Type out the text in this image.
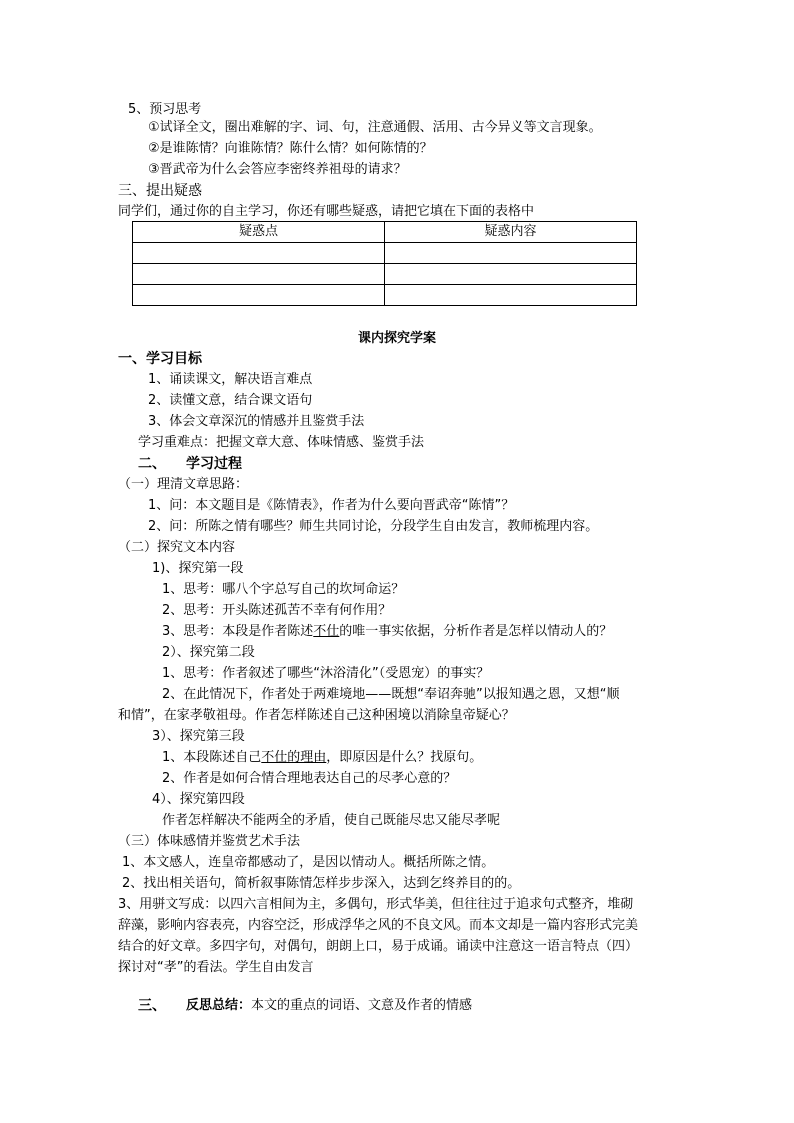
5、预习思考
①试译全文，圈出难解的字、词、句，注意通假、活用、古今异义等文言现象。
②是谁陈情？向谁陈情？陈什么情？如何陈情的？
③晋武帝为什么会答应李密终养祖母的请求？
三、提出疑惑
同学们，通过你的自主学习，你还有哪些疑惑，请把它填在下面的表格中
疑惑点	疑惑内容

课内探究学案
一、学习目标
1、诵读课文，解决语言难点
2、读懂文意，结合课文语句
3、体会文章深沉的情感并且鉴赏手法
学习重难点：把握文章大意、体味情感、鉴赏手法
二、 学习过程
（一）理清文章思路：
1、问：本文题目是《陈情表》，作者为什么要向晋武帝“陈情”？
2、问：所陈之情有哪些？师生共同讨论，分段学生自由发言，教师梳理内容。
（二）探究文本内容
1)、探究第一段
1、思考：哪八个字总写自己的坎坷命运？
2、思考：开头陈述孤苦不幸有何作用？
3、思考：本段是作者陈述不仕的唯一事实依据，分析作者是怎样以情动人的？
2）、探究第二段
1、思考：作者叙述了哪些“沐浴清化”（受恩宠）的事实？
2、在此情况下，作者处于两难境地——既想“奉诏奔驰”以报知遇之恩，又想“顺
和情”，在家孝敬祖母。作者怎样陈述自己这种困境以消除皇帝疑心？
3）、探究第三段
1、本段陈述自己不仕的理由，即原因是什么？找原句。
2、作者是如何合情合理地表达自己的尽孝心意的？
4）、探究第四段
作者怎样解决不能两全的矛盾，使自己既能尽忠又能尽孝呢
（三）体味感情并鉴赏艺术手法
1、本文感人，连皇帝都感动了，是因以情动人。概括所陈之情。
2、找出相关语句，简析叙事陈情怎样步步深入，达到乞终养目的的。
3、用骈文写成：以四六言相间为主，多偶句，形式华美，但往往过于追求句式整齐，堆砌
辞藻，影响内容表亮，内容空泛，形成浮华之风的不良文风。而本文却是一篇内容形式完美
结合的好文章。多四字句，对偶句，朗朗上口，易于成诵。诵读中注意这一语言特点（四）
探讨对“孝”的看法。学生自由发言
三、 反思总结：本文的重点的词语、文意及作者的情感
